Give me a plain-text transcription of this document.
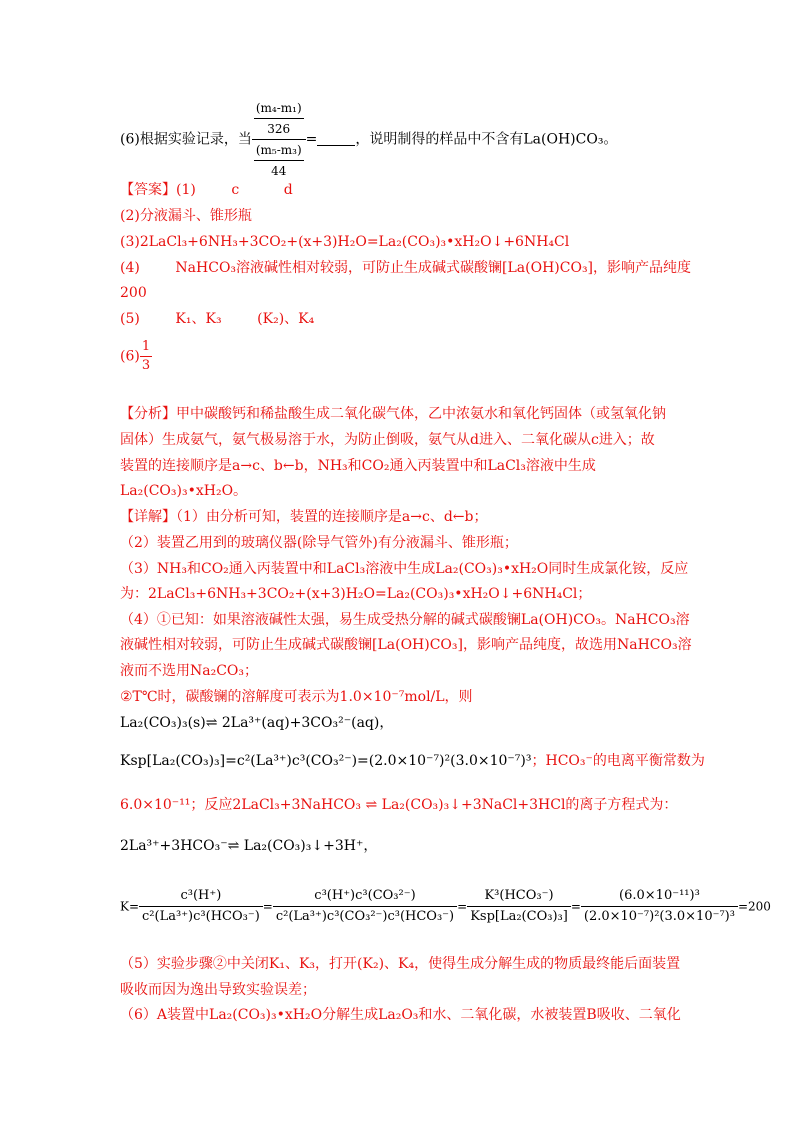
(6)根据实验记录，当 $\frac{\frac{\text{(m₄-m₁)}}{326}}{\frac{\text{(m₅-m₃)}}{44}}$ =	，说明制得的样品中不含有La(OH)CO₃。
【答案】(1)        c          d
(2)分液漏斗、锥形瓶
(3)2LaCl₃+6NH₃+3CO₂+(x+3)H₂O=La₂(CO₃)₃•xH₂O↓+6NH₄Cl
(4)        NaHCO₃溶液碱性相对较弱，可防止生成碱式碳酸镧[La(OH)CO₃]，影响产品纯度
200
(5)        K₁、K₃        (K₂)、K₄
$(6) \frac{1}{3}$
【分析】甲中碳酸钙和稀盐酸生成二氧化碳气体，乙中浓氨水和氧化钙固体（或氢氧化钠
固体）生成氨气，氨气极易溶于水，为防止倒吸，氨气从d进入、二氧化碳从c进入；故
装置的连接顺序是a→c、b←b，NH₃和CO₂通入丙装置中和LaCl₃溶液中生成
La₂(CO₃)₃•xH₂O。
【详解】（1）由分析可知，装置的连接顺序是a→c、d←b；
（2）装置乙用到的玻璃仪器(除导气管外)有分液漏斗、锥形瓶；
（3）NH₃和CO₂通入丙装置中和LaCl₃溶液中生成La₂(CO₃)₃•xH₂O同时生成氯化铵，反应
为：2LaCl₃+6NH₃+3CO₂+(x+3)H₂O=La₂(CO₃)₃•xH₂O↓+6NH₄Cl；
（4）①已知：如果溶液碱性太强，易生成受热分解的碱式碳酸镧La(OH)CO₃。NaHCO₃溶
液碱性相对较弱，可防止生成碱式碳酸镧[La(OH)CO₃]，影响产品纯度，故选用NaHCO₃溶
液而不选用Na₂CO₃；
②T℃时，碳酸镧的溶解度可表示为1.0×10⁻⁷mol/L，则
La₂(CO₃)₃(s)⇌ 2La³⁺(aq)+3CO₃²⁻(aq)，
Ksp[La₂(CO₃)₃]=c²(La³⁺)c³(CO₃²⁻)=(2.0×10⁻⁷)²(3.0×10⁻⁷)³；HCO₃⁻的电离平衡常数为
6.0×10⁻¹¹；反应2LaCl₃+3NaHCO₃ ⇌ La₂(CO₃)₃↓+3NaCl+3HCl的离子方程式为：
2La³⁺+3HCO₃⁻⇌ La₂(CO₃)₃↓+3H⁺，
$K= \frac{\text{c³(H⁺)}}{\text{c²(La³⁺)c³(HCO₃⁻)}} = \frac{\text{c³(H⁺)c³(CO₃²⁻)}}{\text{c²(La³⁺)c³(CO₃²⁻)c³(HCO₃⁻)}} = \frac{\text{K³(HCO₃⁻)}}{\text{Ksp[La₂(CO₃)₃]}} = \frac{\text{(6.0×10⁻¹¹)³}}{\text{(2.0×10⁻⁷)²(3.0×10⁻⁷)³}} =200$
（5）实验步骤②中关闭K₁、K₃，打开(K₂)、K₄，使得生成分解生成的物质最终能后面装置
吸收而因为逸出导致实验误差；
（6）A装置中La₂(CO₃)₃•xH₂O分解生成La₂O₃和水、二氧化碳，水被装置B吸收、二氧化
